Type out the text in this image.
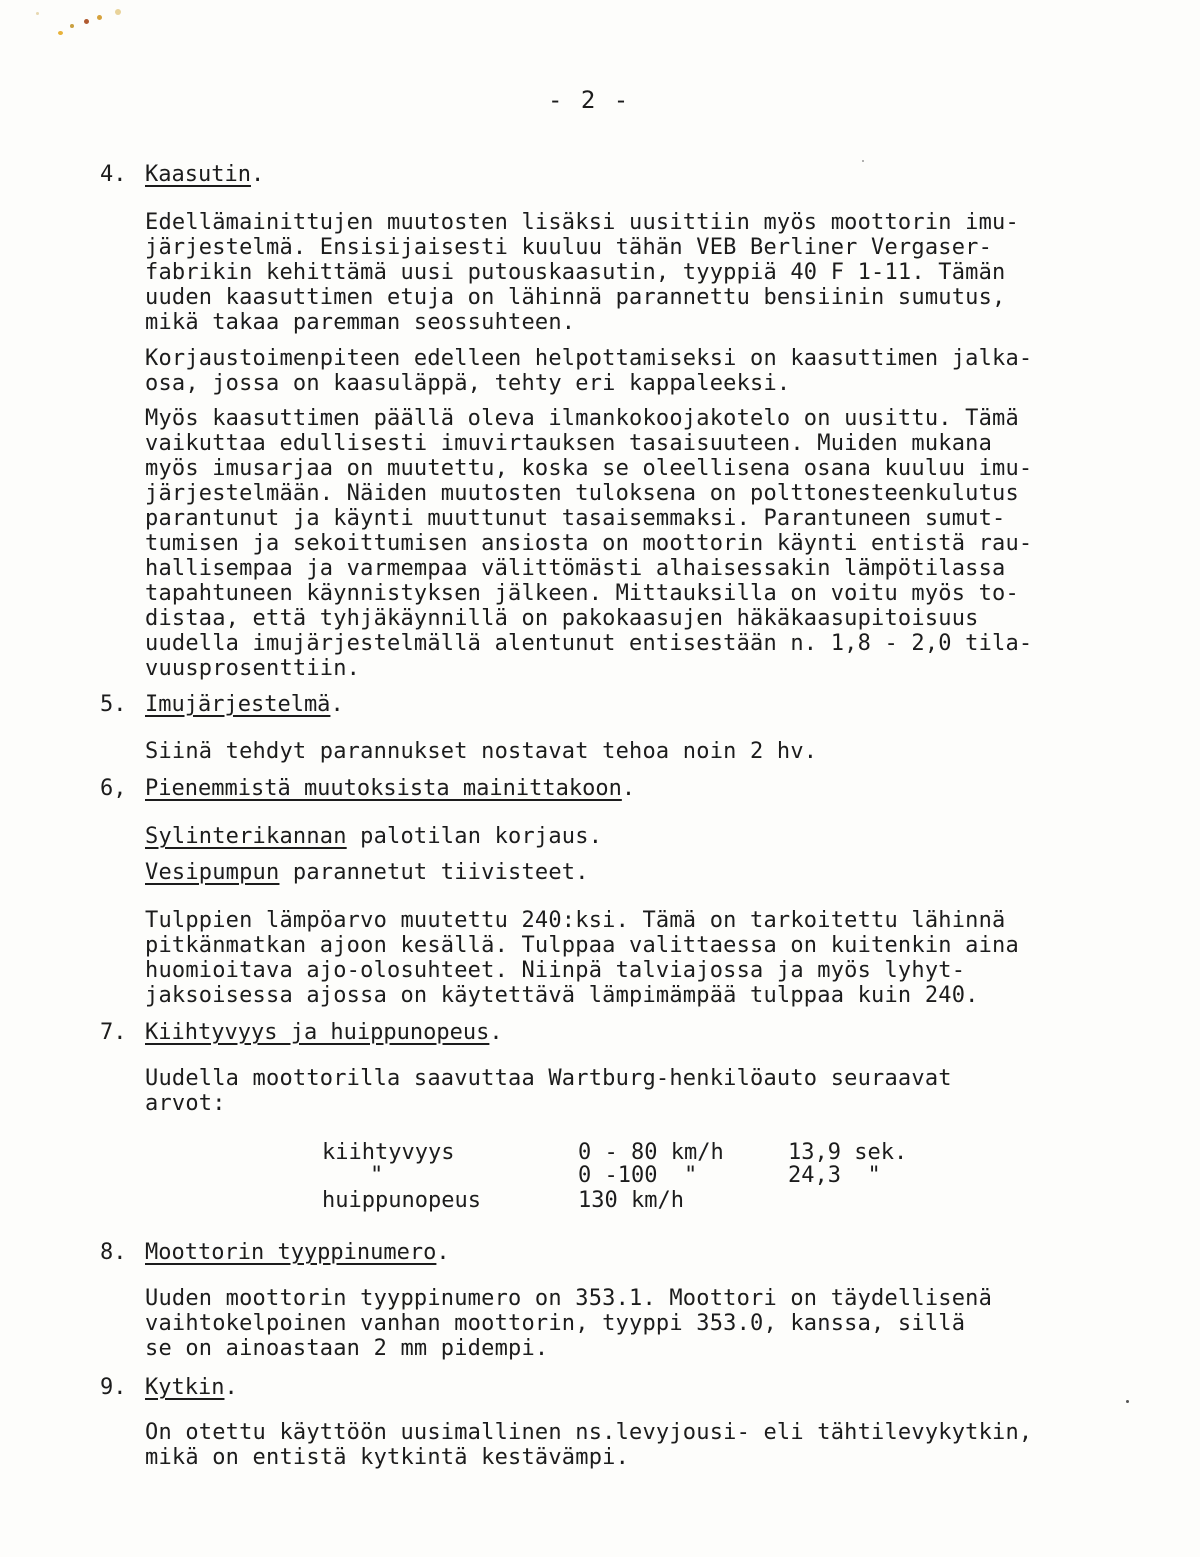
- 2 -
4. Kaasutin.
Edellämainittujen muutosten lisäksi uusittiin myös moottorin imu-
järjestelmä. Ensisijaisesti kuuluu tähän VEB Berliner Vergaser-
fabrikin kehittämä uusi putouskaasutin, tyyppiä 40 F 1-11. Tämän
uuden kaasuttimen etuja on lähinnä parannettu bensiinin sumutus,
mikä takaa paremman seossuhteen.
Korjaustoimenpiteen edelleen helpottamiseksi on kaasuttimen jalka-
osa, jossa on kaasuläppä, tehty eri kappaleeksi.
Myös kaasuttimen päällä oleva ilmankokoojakotelo on uusittu. Tämä
vaikuttaa edullisesti imuvirtauksen tasaisuuteen. Muiden mukana
myös imusarjaa on muutettu, koska se oleellisena osana kuuluu imu-
järjestelmään. Näiden muutosten tuloksena on polttonesteenkulutus
parantunut ja käynti muuttunut tasaisemmaksi. Parantuneen sumut-
tumisen ja sekoittumisen ansiosta on moottorin käynti entistä rau-
hallisempaa ja varmempaa välittömästi alhaisessakin lämpötilassa
tapahtuneen käynnistyksen jälkeen. Mittauksilla on voitu myös to-
distaa, että tyhjäkäynnillä on pakokaasujen häkäkaasupitoisuus
uudella imujärjestelmällä alentunut entisestään n. 1,8 - 2,0 tila-
vuusprosenttiin.
5. Imujärjestelmä.
Siinä tehdyt parannukset nostavat tehoa noin 2 hv.
6, Pienemmistä muutoksista mainittakoon.
Sylinterikannan palotilan korjaus.
Vesipumpun parannetut tiivisteet.
Tulppien lämpöarvo muutettu 240:ksi. Tämä on tarkoitettu lähinnä
pitkänmatkan ajoon kesällä. Tulppaa valittaessa on kuitenkin aina
huomioitava ajo-olosuhteet. Niinpä talviajossa ja myös lyhyt-
jaksoisessa ajossa on käytettävä lämpimämpää tulppaa kuin 240.
7. Kiihtyvyys ja huippunopeus.
Uudella moottorilla saavuttaa Wartburg-henkilöauto seuraavat
arvot:
kiihtyvyys	0 - 80 km/h	13,9 sek.
"	0 -100  "	24,3  "
huippunopeus	130 km/h
8. Moottorin tyyppinumero.
Uuden moottorin tyyppinumero on 353.1. Moottori on täydellisenä
vaihtokelpoinen vanhan moottorin, tyyppi 353.0, kanssa, sillä
se on ainoastaan 2 mm pidempi.
9. Kytkin.
On otettu käyttöön uusimallinen ns.levyjousi- eli tähtilevykytkin,
mikä on entistä kytkintä kestävämpi.
